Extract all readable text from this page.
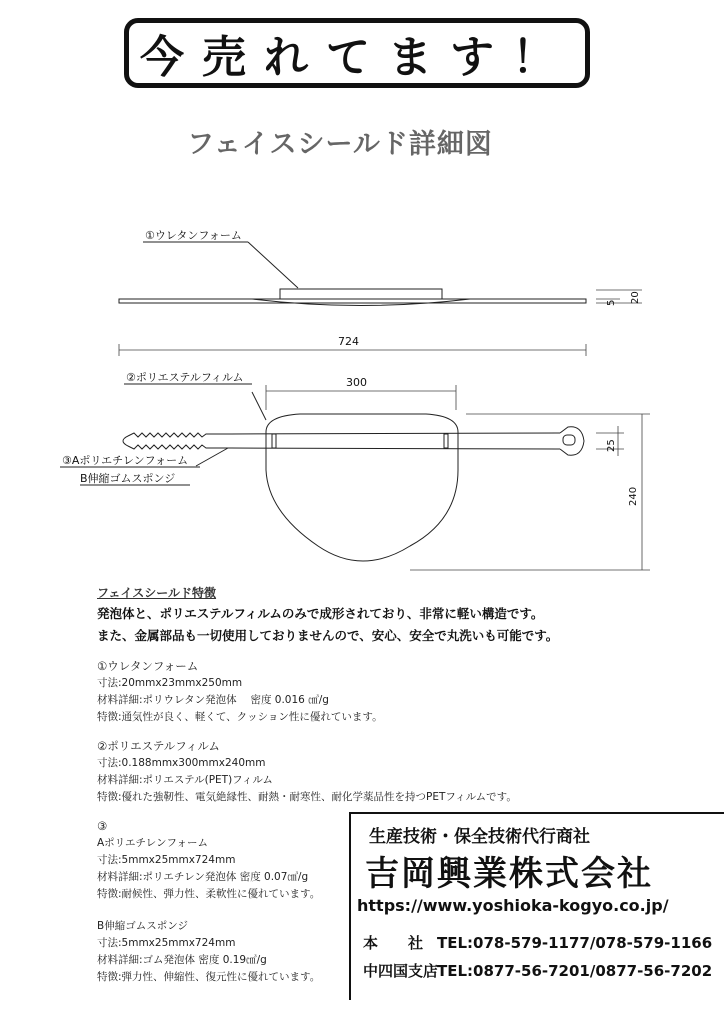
今売れてます！
フェイスシールド詳細図
①ウレタンフォーム
5 20
724
300
②ポリエステルフィルム
③Aポリエチレンフォーム
B伸縮ゴムスポンジ
25
240
フェイスシールド特徴
発泡体と、ポリエステルフィルムのみで成形されており、非常に軽い構造です。
また、金属部品も一切使用しておりませんので、安心、安全で丸洗いも可能です。
①ウレタンフォーム
寸法:20mmx23mmx250mm
材料詳細:ポリウレタン発泡体　 密度 0.016 ㎤/g
特徴:通気性が良く、軽くて、クッション性に優れています。
②ポリエステルフィルム
寸法:0.188mmx300mmx240mm
材料詳細:ポリエステル(PET)フィルム
特徴:優れた強靭性、電気絶縁性、耐熱・耐寒性、耐化学薬品性を持つPETフィルムです。
③
Aポリエチレンフォーム
寸法:5mmx25mmx724mm
材料詳細:ポリエチレン発泡体 密度 0.07㎤/g
特徴:耐候性、弾力性、柔軟性に優れています。
B伸縮ゴムスポンジ
寸法:5mmx25mmx724mm
材料詳細:ゴム発泡体 密度 0.19㎤/g
特徴:弾力性、伸縮性、復元性に優れています。
生産技術・保全技術代行商社
吉岡興業株式会社
https://www.yoshioka-kogyo.co.jp/
本　　社 TEL:078-579-1177/078-579-1166
中四国支店TEL:0877-56-7201/0877-56-7202
